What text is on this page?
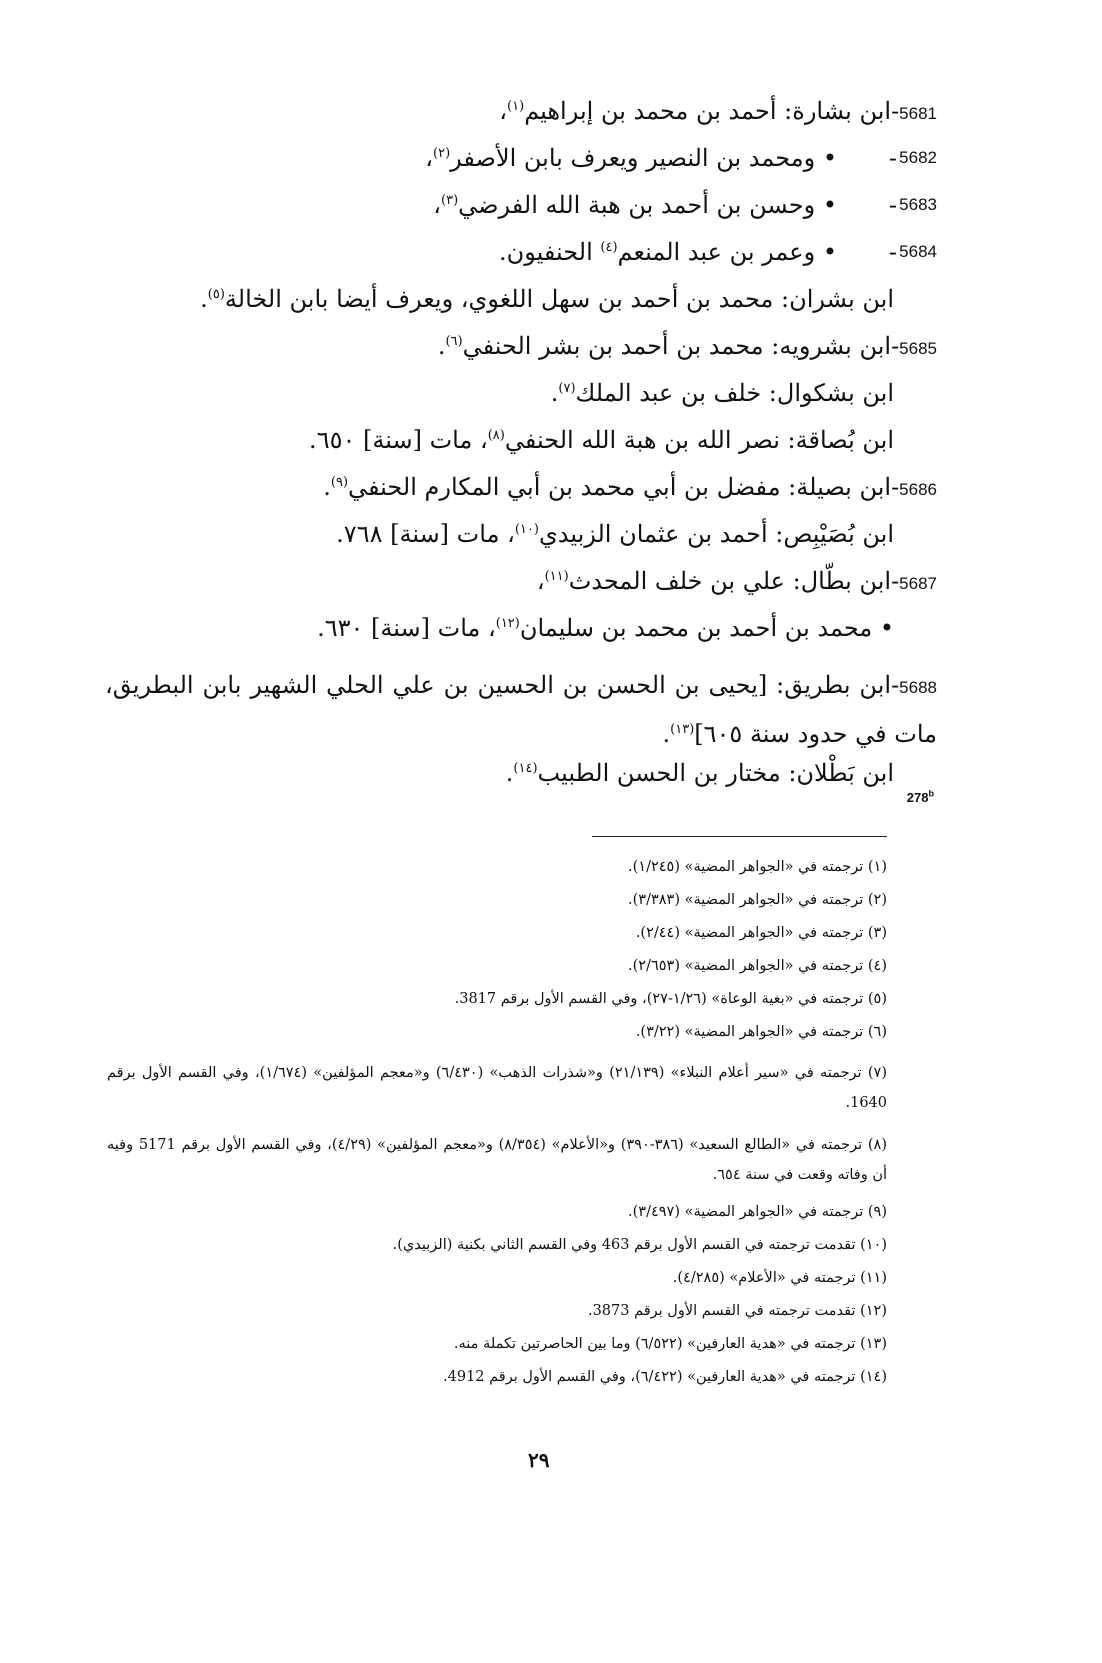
5681-ابن بشارة: أحمد بن محمد بن إبراهيم$^{(١)}$،
5682
-
• ومحمد بن النصير ويعرف بابن الأصفر$^{(٢)}$،
5683
-
• وحسن بن أحمد بن هبة الله الفرضي$^{(٣)}$،
5684
-
• وعمر بن عبد المنعم$^{(٤)}$ الحنفيون.
ابن بشران: محمد بن أحمد بن سهل اللغوي، ويعرف أيضا بابن الخالة$^{(٥)}$.
5685-ابن بشرويه: محمد بن أحمد بن بشر الحنفي$^{(٦)}$.
ابن بشكوال: خلف بن عبد الملك$^{(٧)}$.
ابن بُصاقة: نصر الله بن هبة الله الحنفي$^{(٨)}$، مات [سنة] ٦٥٠.
5686-ابن بصيلة: مفضل بن أبي محمد بن أبي المكارم الحنفي$^{(٩)}$.
ابن بُصَيْبِص: أحمد بن عثمان الزبيدي$^{(١٠)}$، مات [سنة] ٧٦٨.
5687-ابن بطّال: علي بن خلف المحدث$^{(١١)}$،
• محمد بن أحمد بن محمد بن سليمان$^{(١٢)}$، مات [سنة] ٦٣٠.
5688-ابن بطريق: [يحيى بن الحسن بن الحسين بن علي الحلي الشهير بابن البطريق، مات في حدود سنة ٦٠٥]$^{(١٣)}$.
ابن بَطْلان: مختار بن الحسن الطبيب$^{(١٤)}$.
278$^b$
(١) ترجمته في «الجواهر المضية» (١/٢٤٥).
(٢) ترجمته في «الجواهر المضية» (٣/٣٨٣).
(٣) ترجمته في «الجواهر المضية» (٢/٤٤).
(٤) ترجمته في «الجواهر المضية» (٢/٦٥٣).
(٥) ترجمته في «بغية الوعاة» (١/٢٦-٢٧)، وفي القسم الأول برقم 3817.
(٦) ترجمته في «الجواهر المضية» (٣/٢٢).
(٧) ترجمته في «سير أعلام النبلاء» (٢١/١٣٩) و«شذرات الذهب» (٦/٤٣٠) و«معجم المؤلفين» (١/٦٧٤)، وفي القسم الأول برقم 1640.
(٨) ترجمته في «الطالع السعيد» (٣٨٦-٣٩٠) و«الأعلام» (٨/٣٥٤) و«معجم المؤلفين» (٤/٢٩)، وفي القسم الأول برقم 5171 وفيه أن وفاته وقعت في سنة ٦٥٤.
(٩) ترجمته في «الجواهر المضية» (٣/٤٩٧).
(١٠) تقدمت ترجمته في القسم الأول برقم 463 وفي القسم الثاني بكنية (الزبيدي).
(١١) ترجمته في «الأعلام» (٤/٢٨٥).
(١٢) تقدمت ترجمته في القسم الأول برقم 3873.
(١٣) ترجمته في «هدية العارفين» (٦/٥٢٢) وما بين الحاصرتين تكملة منه.
(١٤) ترجمته في «هدية العارفين» (٦/٤٢٢)، وفي القسم الأول برقم 4912.
٢٩
